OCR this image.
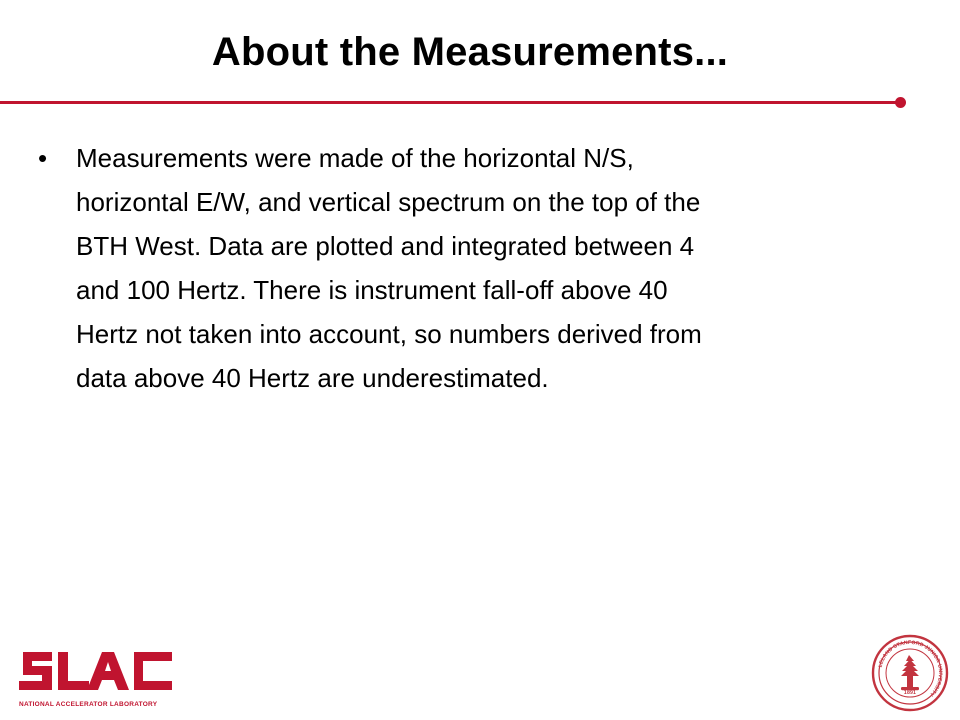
About the Measurements...
•	Measurements were made of the horizontal N/S,
horizontal E/W, and vertical spectrum on the top of the
BTH West. Data are plotted and integrated between 4
and 100 Hertz. There is instrument fall-off above 40
Hertz not taken into account, so numbers derived from
data above 40 Hertz are underestimated.
NATIONAL ACCELERATOR LABORATORY
LELAND STANFORD JUNIOR UNIVERSITY
1891
